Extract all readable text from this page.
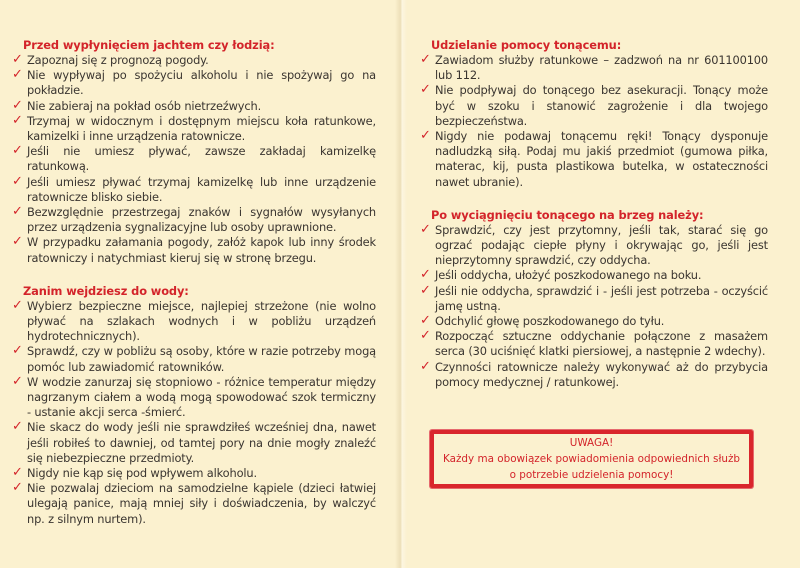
Przed wypłynięciem jachtem czy łodzią:
✓ Zapoznaj się z prognozą pogody.
✓ Nie wypływaj po spożyciu alkoholu i nie spożywaj go na pokładzie.
✓ Nie zabieraj na pokład osób nietrzeźwych.
✓ Trzymaj w widocznym i dostępnym miejscu koła ratunkowe, kamizelki i inne urządzenia ratownicze.
✓ Jeśli nie umiesz pływać, zawsze zakładaj kamizelkę ratunkową.
✓ Jeśli umiesz pływać trzymaj kamizelkę lub inne urządzenie ratownicze blisko siebie.
✓ Bezwzględnie przestrzegaj znaków i sygnałów wysyłanych przez urządzenia sygnalizacyjne lub osoby uprawnione.
✓ W przypadku załamania pogody, załóż kapok lub inny środek ratowniczy i natychmiast kieruj się w stronę brzegu.
Zanim wejdziesz do wody:
✓ Wybierz bezpieczne miejsce, najlepiej strzeżone (nie wolno pływać na szlakach wodnych i w pobliżu urządzeń hydrotechnicznych).
✓ Sprawdź, czy w pobliżu są osoby, które w razie potrzeby mogą pomóc lub zawiadomić ratowników.
✓ W wodzie zanurzaj się stopniowo - różnice temperatur między nagrzanym ciałem a wodą mogą spowodować szok termiczny - ustanie akcji serca -śmierć.
✓ Nie skacz do wody jeśli nie sprawdziłeś wcześniej dna, nawet jeśli robiłeś to dawniej, od tamtej pory na dnie mogły znaleźć się niebezpieczne przedmioty.
✓ Nigdy nie kąp się pod wpływem alkoholu.
✓ Nie pozwalaj dzieciom na samodzielne kąpiele (dzieci łatwiej ulegają panice, mają mniej siły i doświadczenia, by walczyć np. z silnym nurtem).
Udzielanie pomocy tonącemu:
✓ Zawiadom służby ratunkowe – zadzwoń na nr 601100100 lub 112.
✓ Nie podpływaj do tonącego bez asekuracji. Tonący może być w szoku i stanowić zagrożenie i dla twojego bezpieczeństwa.
✓ Nigdy nie podawaj tonącemu ręki! Tonący dysponuje nadludzką siłą. Podaj mu jakiś przedmiot (gumowa piłka, materac, kij, pusta plastikowa butelka, w ostateczności nawet ubranie).
Po wyciągnięciu tonącego na brzeg należy:
✓ Sprawdzić, czy jest przytomny, jeśli tak, starać się go ogrzać podając ciepłe płyny i okrywając go, jeśli jest nieprzytomny sprawdzić, czy oddycha.
✓ Jeśli oddycha, ułożyć poszkodowanego na boku.
✓ Jeśli nie oddycha, sprawdzić i - jeśli jest potrzeba - oczyścić jamę ustną.
✓ Odchylić głowę poszkodowanego do tyłu.
✓ Rozpocząć sztuczne oddychanie połączone z masażem serca (30 uciśnięć klatki piersiowej, a następnie 2 wdechy).
✓ Czynności ratownicze należy wykonywać aż do przybycia pomocy medycznej / ratunkowej.
UWAGA!
Każdy ma obowiązek powiadomienia odpowiednich służb
o potrzebie udzielenia pomocy!
